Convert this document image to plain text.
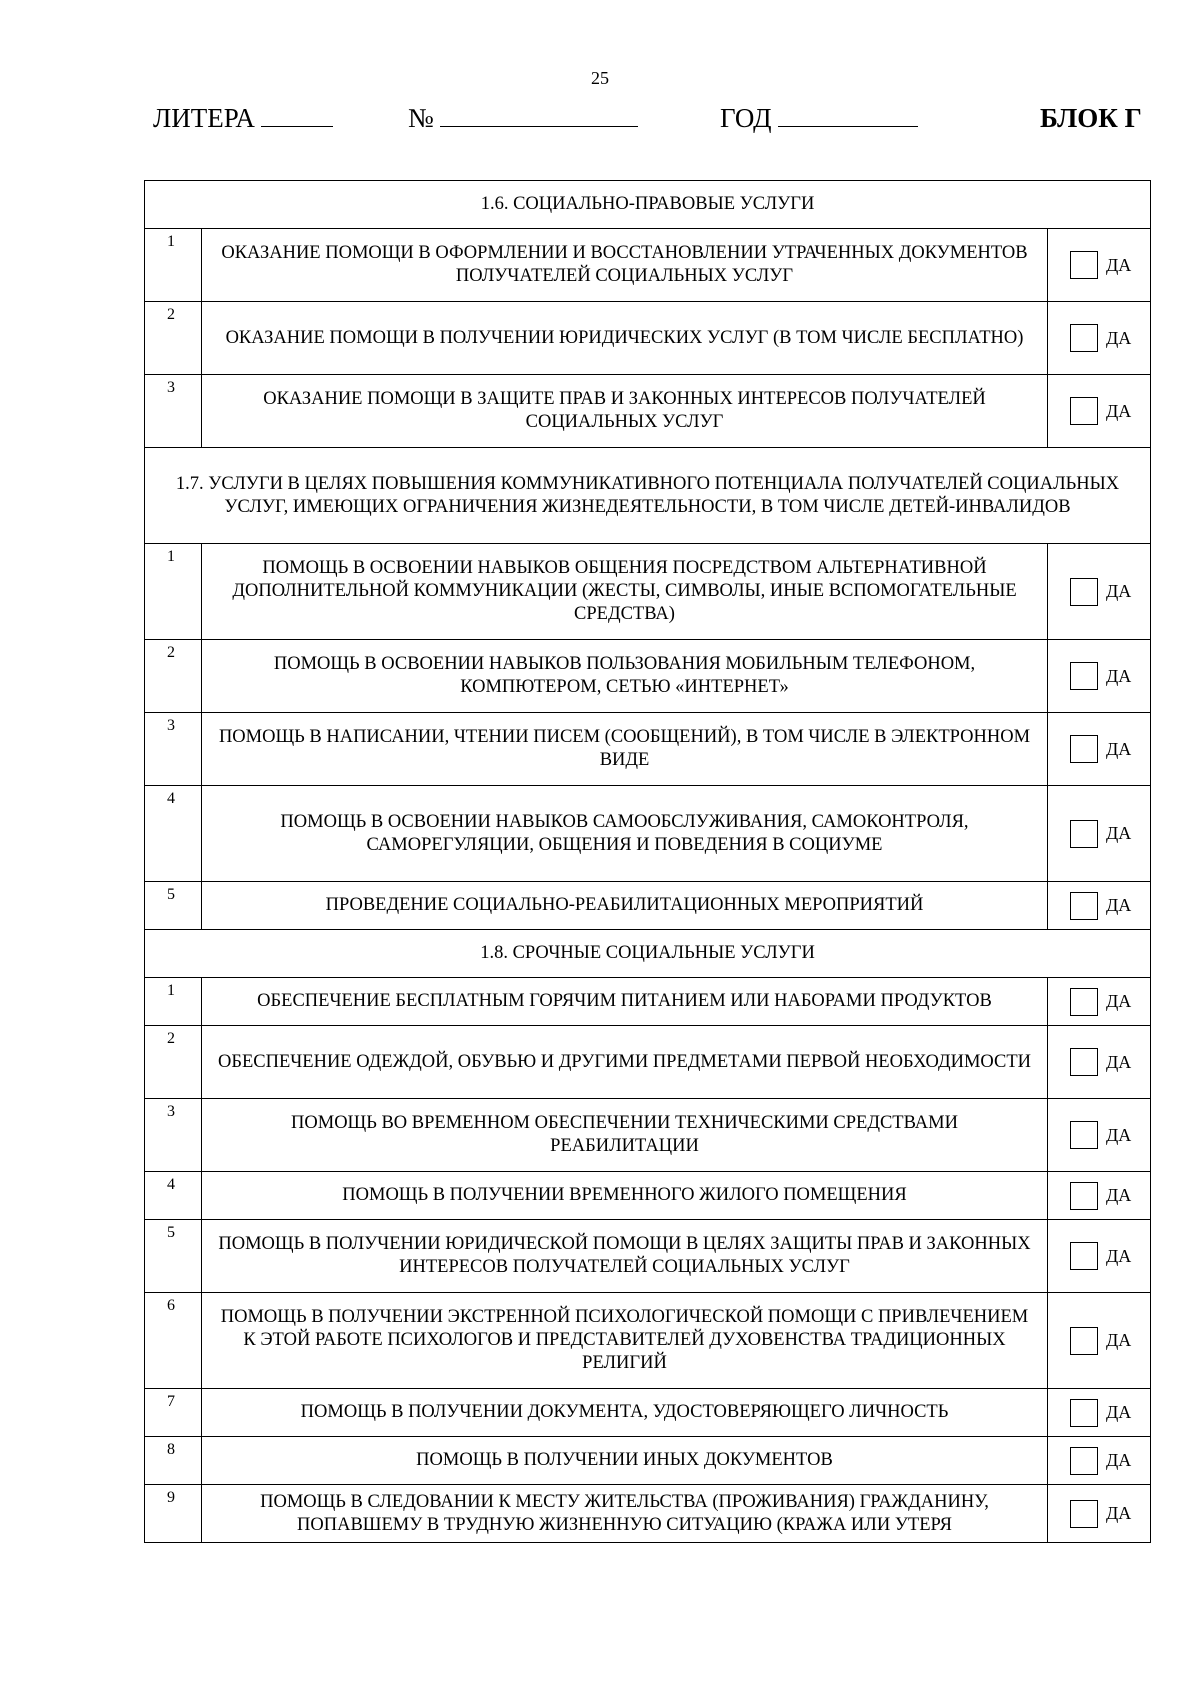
25
ЛИТЕРА	№	ГОД	БЛОК Г
1.6. СОЦИАЛЬНО-ПРАВОВЫЕ УСЛУГИ		
1	ОКАЗАНИЕ ПОМОЩИ В ОФОРМЛЕНИИ И ВОССТАНОВЛЕНИИ УТРАЧЕННЫХ ДОКУМЕНТОВ ПОЛУЧАТЕЛЕЙ СОЦИАЛЬНЫХ УСЛУГ	ДА

2	ОКАЗАНИЕ ПОМОЩИ В ПОЛУЧЕНИИ ЮРИДИЧЕСКИХ УСЛУГ (В ТОМ ЧИСЛЕ БЕСПЛАТНО)	ДА

3	ОКАЗАНИЕ ПОМОЩИ В ЗАЩИТЕ ПРАВ И ЗАКОННЫХ ИНТЕРЕСОВ ПОЛУЧАТЕЛЕЙ СОЦИАЛЬНЫХ УСЛУГ	ДА

1.7. УСЛУГИ В ЦЕЛЯХ ПОВЫШЕНИЯ КОММУНИКАТИВНОГО ПОТЕНЦИАЛА ПОЛУЧАТЕЛЕЙ СОЦИАЛЬНЫХ УСЛУГ, ИМЕЮЩИХ ОГРАНИЧЕНИЯ ЖИЗНЕДЕЯТЕЛЬНОСТИ, В ТОМ ЧИСЛЕ ДЕТЕЙ-ИНВАЛИДОВ		
1	ПОМОЩЬ В ОСВОЕНИИ НАВЫКОВ ОБЩЕНИЯ ПОСРЕДСТВОМ АЛЬТЕРНАТИВНОЙ ДОПОЛНИТЕЛЬНОЙ КОММУНИКАЦИИ (ЖЕСТЫ, СИМВОЛЫ, ИНЫЕ ВСПОМОГАТЕЛЬНЫЕ СРЕДСТВА)	ДА

2	ПОМОЩЬ В ОСВОЕНИИ НАВЫКОВ ПОЛЬЗОВАНИЯ МОБИЛЬНЫМ ТЕЛЕФОНОМ, КОМПЮТЕРОМ, СЕТЬЮ «ИНТЕРНЕТ»	ДА

3	ПОМОЩЬ В НАПИСАНИИ, ЧТЕНИИ ПИСЕМ (СООБЩЕНИЙ), В ТОМ ЧИСЛЕ В ЭЛЕКТРОННОМ ВИДЕ	ДА

4	ПОМОЩЬ В ОСВОЕНИИ НАВЫКОВ САМООБСЛУЖИВАНИЯ, САМОКОНТРОЛЯ, САМОРЕГУЛЯЦИИ, ОБЩЕНИЯ И ПОВЕДЕНИЯ В СОЦИУМЕ	ДА

5	ПРОВЕДЕНИЕ СОЦИАЛЬНО-РЕАБИЛИТАЦИОННЫХ МЕРОПРИЯТИЙ	ДА

1.8. СРОЧНЫЕ СОЦИАЛЬНЫЕ УСЛУГИ		
1	ОБЕСПЕЧЕНИЕ БЕСПЛАТНЫМ ГОРЯЧИМ ПИТАНИЕМ ИЛИ НАБОРАМИ ПРОДУКТОВ	ДА

2	ОБЕСПЕЧЕНИЕ ОДЕЖДОЙ, ОБУВЬЮ И ДРУГИМИ ПРЕДМЕТАМИ ПЕРВОЙ НЕОБХОДИМОСТИ	ДА

3	ПОМОЩЬ ВО ВРЕМЕННОМ ОБЕСПЕЧЕНИИ ТЕХНИЧЕСКИМИ СРЕДСТВАМИ РЕАБИЛИТАЦИИ	ДА

4	ПОМОЩЬ В ПОЛУЧЕНИИ ВРЕМЕННОГО ЖИЛОГО ПОМЕЩЕНИЯ	ДА

5	ПОМОЩЬ В ПОЛУЧЕНИИ ЮРИДИЧЕСКОЙ ПОМОЩИ В ЦЕЛЯХ ЗАЩИТЫ ПРАВ И ЗАКОННЫХ ИНТЕРЕСОВ ПОЛУЧАТЕЛЕЙ СОЦИАЛЬНЫХ УСЛУГ	ДА

6	ПОМОЩЬ В ПОЛУЧЕНИИ ЭКСТРЕННОЙ ПСИХОЛОГИЧЕСКОЙ ПОМОЩИ С ПРИВЛЕЧЕНИЕМ К ЭТОЙ РАБОТЕ ПСИХОЛОГОВ И ПРЕДСТАВИТЕЛЕЙ ДУХОВЕНСТВА ТРАДИЦИОННЫХ РЕЛИГИЙ	ДА

7	ПОМОЩЬ В ПОЛУЧЕНИИ ДОКУМЕНТА, УДОСТОВЕРЯЮЩЕГО ЛИЧНОСТЬ	ДА

8	ПОМОЩЬ В ПОЛУЧЕНИИ ИНЫХ ДОКУМЕНТОВ	ДА

9	ПОМОЩЬ В СЛЕДОВАНИИ К МЕСТУ ЖИТЕЛЬСТВА (ПРОЖИВАНИЯ) ГРАЖДАНИНУ, ПОПАВШЕМУ В ТРУДНУЮ ЖИЗНЕННУЮ СИТУАЦИЮ (КРАЖА ИЛИ УТЕРЯ	ДА
